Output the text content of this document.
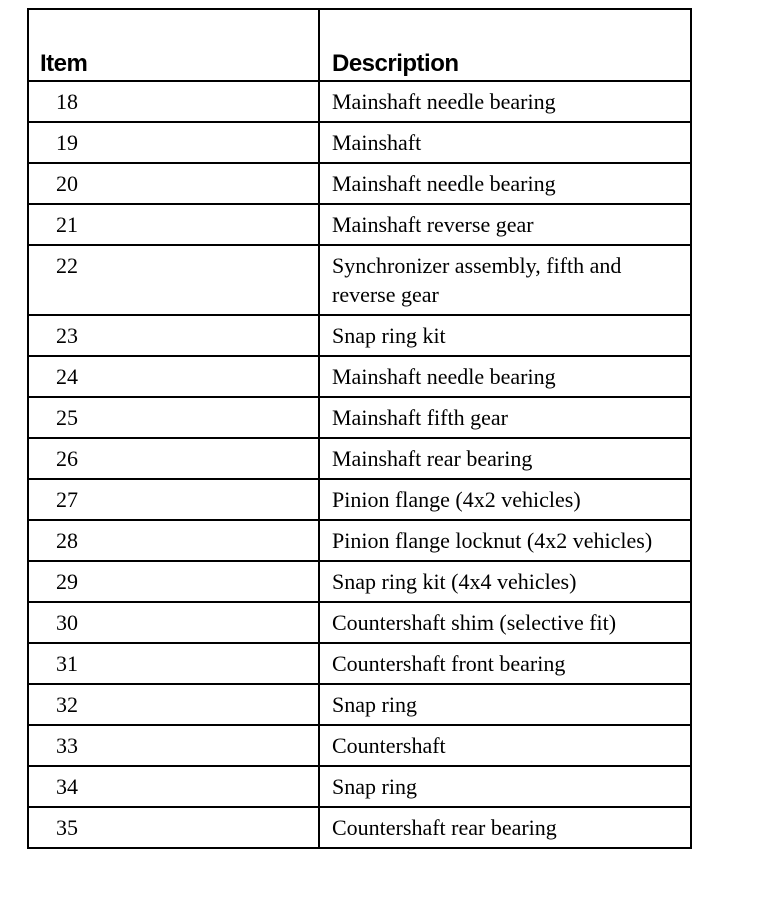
Item	Description
18	Mainshaft needle bearing
19	Mainshaft
20	Mainshaft needle bearing
21	Mainshaft reverse gear
22	Synchronizer assembly, fifth and reverse gear
23	Snap ring kit
24	Mainshaft needle bearing
25	Mainshaft fifth gear
26	Mainshaft rear bearing
27	Pinion flange (4x2 vehicles)
28	Pinion flange locknut (4x2 vehicles)
29	Snap ring kit (4x4 vehicles)
30	Countershaft shim (selective fit)
31	Countershaft front bearing
32	Snap ring
33	Countershaft
34	Snap ring
35	Countershaft rear bearing
